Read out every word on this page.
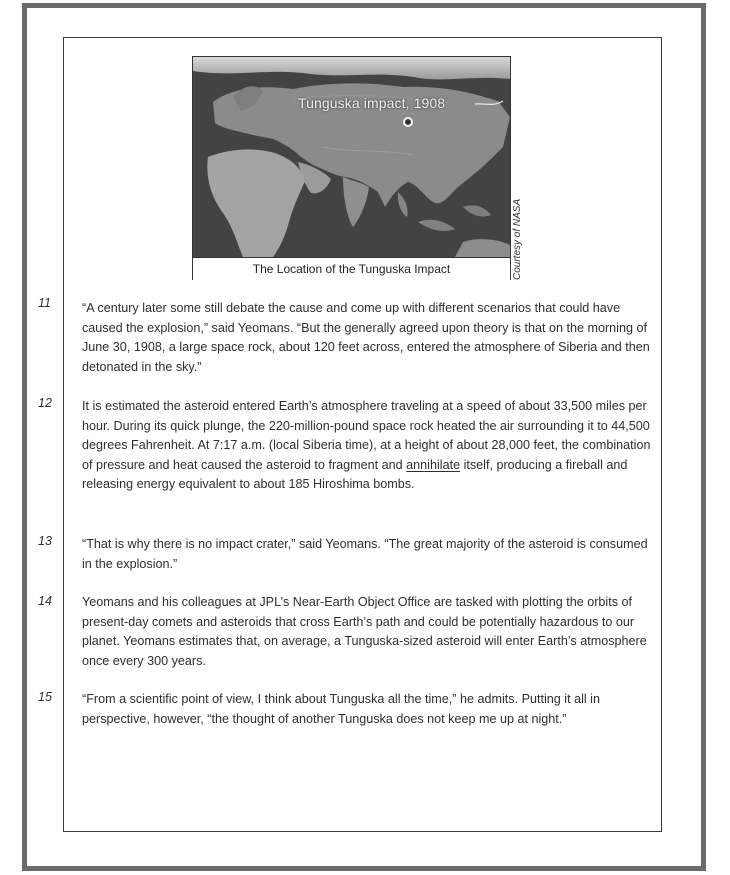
Tunguska impact, 1908
The Location of the Tunguska Impact	Courtesy of NASA
11 “A century later some still debate the cause and come up with different scenarios that could have caused the explosion,” said Yeomans. “But the generally agreed upon theory is that on the morning of June 30, 1908, a large space rock, about 120 feet across, entered the atmosphere of Siberia and then detonated in the sky.”
12 It is estimated the asteroid entered Earth’s atmosphere traveling at a speed of about 33,500 miles per hour. During its quick plunge, the 220-million-pound space rock heated the air surrounding it to 44,500 degrees Fahrenheit. At 7:17 a.m. (local Siberia time), at a height of about 28,000 feet, the combination of pressure and heat caused the asteroid to fragment and annihilate itself, producing a fireball and releasing energy equivalent to about 185 Hiroshima bombs.
13 “That is why there is no impact crater,” said Yeomans. “The great majority of the asteroid is consumed in the explosion.”
14 Yeomans and his colleagues at JPL’s Near-Earth Object Office are tasked with plotting the orbits of present-day comets and asteroids that cross Earth’s path and could be potentially hazardous to our planet. Yeomans estimates that, on average, a Tunguska-sized asteroid will enter Earth’s atmosphere once every 300 years.
15 “From a scientific point of view, I think about Tunguska all the time,” he admits. Putting it all in perspective, however, “the thought of another Tunguska does not keep me up at night.”
